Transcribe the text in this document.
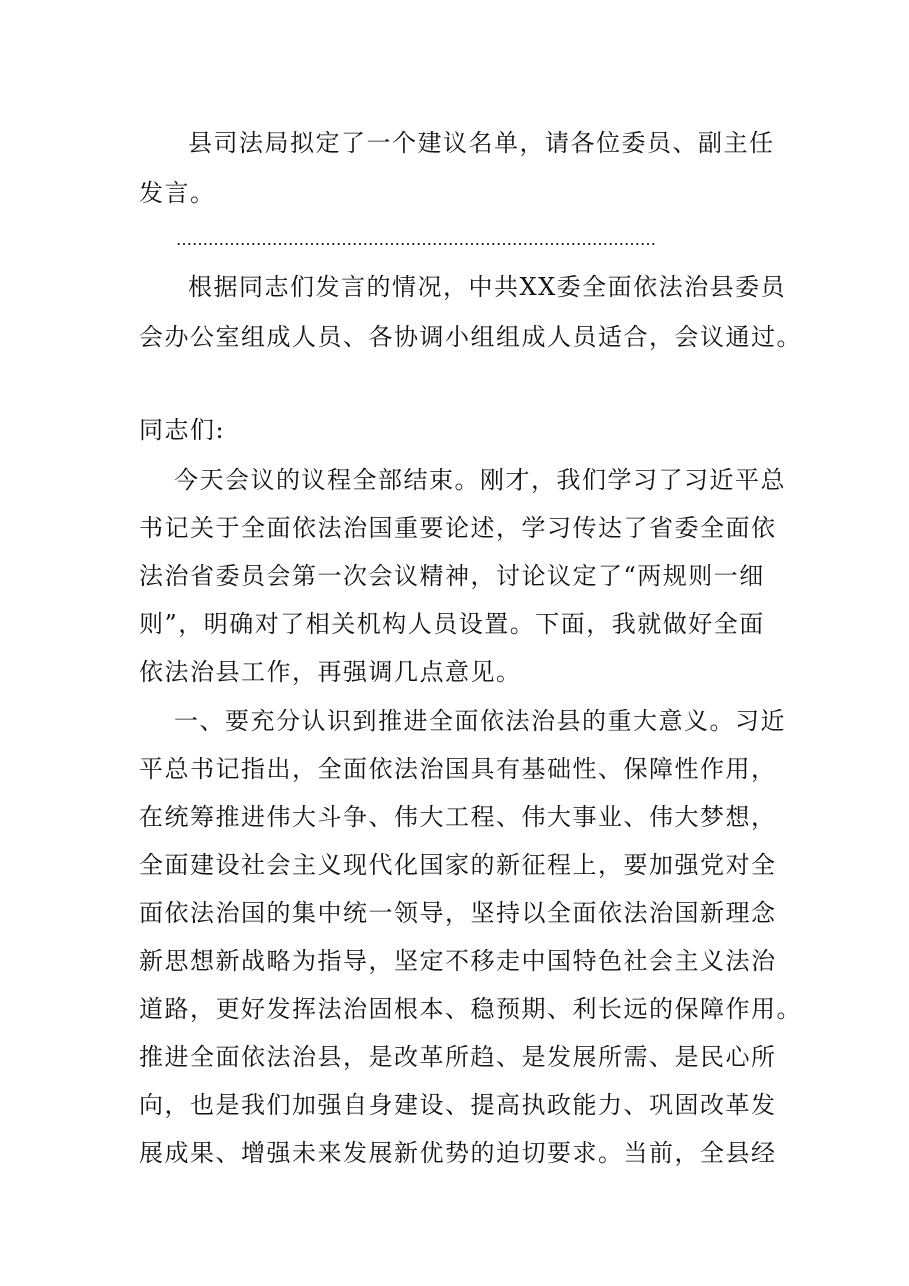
县司法局拟定了一个建议名单，请各位委员、副主任
发言。
………………………………………………………………………………
根据同志们发言的情况，中共XX委全面依法治县委员
会办公室组成人员、各协调小组组成人员适合，会议通过。
同志们:
今天会议的议程全部结束。刚才，我们学习了习近平总
书记关于全面依法治国重要论述，学习传达了省委全面依
法治省委员会第一次会议精神，讨论议定了“两规则一细
则”，明确对了相关机构人员设置。下面，我就做好全面
依法治县工作，再强调几点意见。
一、要充分认识到推进全面依法治县的重大意义。习近
平总书记指出，全面依法治国具有基础性、保障性作用，
在统筹推进伟大斗争、伟大工程、伟大事业、伟大梦想，
全面建设社会主义现代化国家的新征程上，要加强党对全
面依法治国的集中统一领导，坚持以全面依法治国新理念
新思想新战略为指导，坚定不移走中国特色社会主义法治
道路，更好发挥法治固根本、稳预期、利长远的保障作用。
推进全面依法治县，是改革所趋、是发展所需、是民心所
向，也是我们加强自身建设、提高执政能力、巩固改革发
展成果、增强未来发展新优势的迫切要求。当前，全县经
